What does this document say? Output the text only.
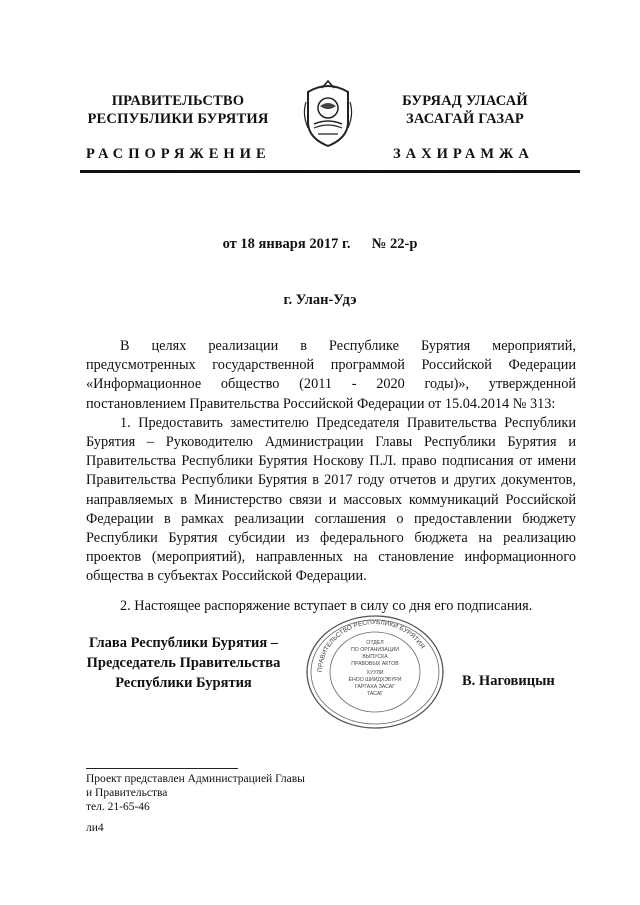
ПРАВИТЕЛЬСТВО
РЕСПУБЛИКИ БУРЯТИЯ
БУРЯАД УЛАСАЙ
ЗАСАГАЙ ГАЗАР
РАСПОРЯЖЕНИЕ	ЗАХИРАМЖА
от 18 января 2017 г. № 22-р
г. Улан-Удэ

В целях реализации в Республике Бурятия мероприятий, предусмотренных государственной программой Российской Федерации «Информационное общество (2011 - 2020 годы)», утвержденной постановлением Правительства Российской Федерации от 15.04.2014 № 313:

1. Предоставить заместителю Председателя Правительства Республики Бурятия – Руководителю Администрации Главы Республики Бурятия и Правительства Республики Бурятия Носкову П.Л. право подписания от имени Правительства Республики Бурятия в 2017 году отчетов и других документов, направляемых в Министерство связи и массовых коммуникаций Российской Федерации в рамках реализации соглашения о предоставлении бюджету Республики Бурятия субсидии из федерального бюджета на реализацию проектов (мероприятий), направленных на становление информационного общества в субъектах Российской Федерации.

2. Настоящее распоряжение вступает в силу со дня его подписания.

Глава Республики Бурятия –
Председатель Правительства
Республики Бурятия
ПРАВИТЕЛЬСТВО РЕСПУБЛИКИ БУРЯТИЯ
ОТДЕЛ
ПО ОРГАНИЗАЦИИ
ВЫПУСКА
ПРАВОВЫХ АКТОВ
ХУУЛИ
ЁНОО ШИИДХЭБҮРИ
ГАРГАХА ЗАСАГ
ТАСАГ
В. Наговицын
Проект представлен Администрацией Главы
и Правительства
тел. 21-65-46
ли4
